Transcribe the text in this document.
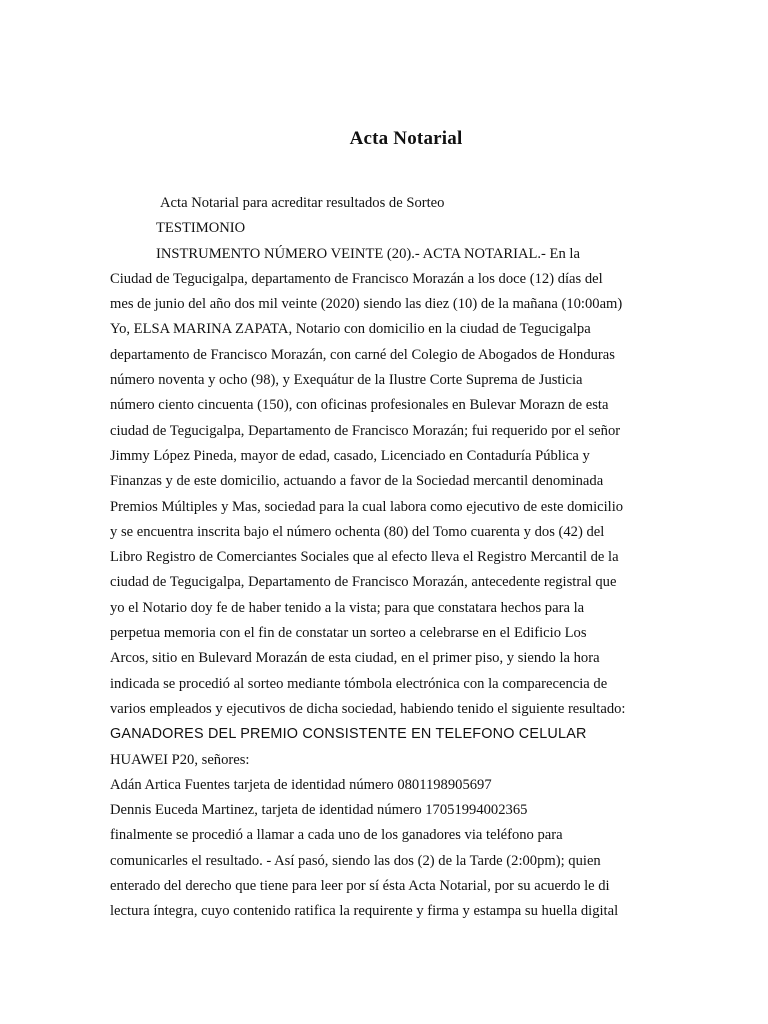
Acta Notarial
Acta Notarial para acreditar resultados de Sorteo
TESTIMONIO
INSTRUMENTO NÚMERO VEINTE (20).- ACTA NOTARIAL.- En la
Ciudad de Tegucigalpa, departamento de Francisco Morazán a los doce (12) días del
mes de junio del año dos mil veinte (2020) siendo las diez (10) de la mañana (10:00am)
Yo, ELSA MARINA ZAPATA, Notario con domicilio en la ciudad de Tegucigalpa
departamento de Francisco Morazán, con carné del Colegio de Abogados de Honduras
número noventa y ocho (98), y Exequátur de la Ilustre Corte Suprema de Justicia
número ciento cincuenta (150), con oficinas profesionales en Bulevar Morazn de esta
ciudad de Tegucigalpa, Departamento de Francisco Morazán; fui requerido por el señor
Jimmy López Pineda, mayor de edad, casado, Licenciado en Contaduría Pública y
Finanzas y de este domicilio, actuando a favor de la Sociedad mercantil denominada
Premios Múltiples y Mas, sociedad para la cual labora como ejecutivo de este domicilio
y se encuentra inscrita bajo el número ochenta (80) del Tomo cuarenta y dos (42) del
Libro Registro de Comerciantes Sociales que al efecto lleva el Registro Mercantil de la
ciudad de Tegucigalpa, Departamento de Francisco Morazán, antecedente registral que
yo el Notario doy fe de haber tenido a la vista; para que constatara hechos para la
perpetua memoria con el fin de constatar un sorteo a celebrarse en el Edificio Los
Arcos, sitio en Bulevard Morazán de esta ciudad, en el primer piso, y siendo la hora
indicada se procedió al sorteo mediante tómbola electrónica con la comparecencia de
varios empleados y ejecutivos de dicha sociedad, habiendo tenido el siguiente resultado:
GANADORES DEL PREMIO CONSISTENTE EN TELEFONO CELULAR
HUAWEI P20, señores:
Adán Artica Fuentes tarjeta de identidad número 0801198905697
Dennis Euceda Martinez, tarjeta de identidad número 17051994002365
finalmente se procedió a llamar a cada uno de los ganadores via teléfono para
comunicarles el resultado. - Así pasó, siendo las dos (2) de la Tarde (2:00pm); quien
enterado del derecho que tiene para leer por sí ésta Acta Notarial, por su acuerdo le di
lectura íntegra, cuyo contenido ratifica la requirente y firma y estampa su huella digital
